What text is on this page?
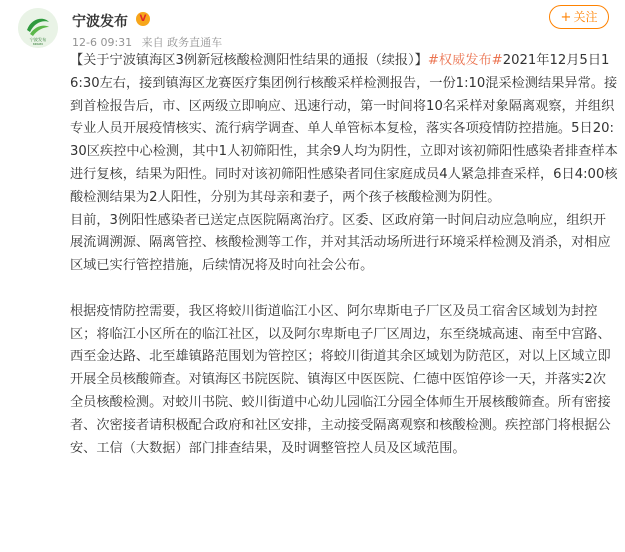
宁波发布
NINGBO
宁波发布	V
12-6 09:31 来自 政务直通车
+ 关注

【关于宁波镇海区3例新冠核酸检测阳性结果的通报（续报）】#权威发布#2021年12月5日16:30左右，接到镇海区龙赛医疗集团例行核酸采样检测报告，一份1:10混采检测结果异常。接到首检报告后，市、区两级立即响应、迅速行动，第一时间将10名采样对象隔离观察，并组织专业人员开展疫情核实、流行病学调查、单人单管标本复检，落实各项疫情防控措施。5日20:30区疾控中心检测，其中1人初筛阳性，其余9人均为阴性，立即对该初筛阳性感染者排查样本进行复核，结果为阳性。同时对该初筛阳性感染者同住家庭成员4人紧急排查采样，6日4:00核酸检测结果为2人阳性，分别为其母亲和妻子，两个孩子核酸检测为阴性。

目前，3例阳性感染者已送定点医院隔离治疗。区委、区政府第一时间启动应急响应，组织开展流调溯源、隔离管控、核酸检测等工作，并对其活动场所进行环境采样检测及消杀，对相应区域已实行管控措施，后续情况将及时向社会公布。

根据疫情防控需要，我区将蛟川街道临江小区、阿尔卑斯电子厂区及员工宿舍区域划为封控区；将临江小区所在的临江社区，以及阿尔卑斯电子厂区周边，东至绕城高速、南至中宫路、西至金达路、北至雄镇路范围划为管控区；将蛟川街道其余区域划为防范区，对以上区域立即开展全员核酸筛查。对镇海区书院医院、镇海区中医医院、仁德中医馆停诊一天，并落实2次全员核酸检测。对蛟川书院、蛟川街道中心幼儿园临江分园全体师生开展核酸筛查。所有密接者、次密接者请积极配合政府和社区安排，主动接受隔离观察和核酸检测。疾控部门将根据公安、工信（大数据）部门排查结果，及时调整管控人员及区域范围。
